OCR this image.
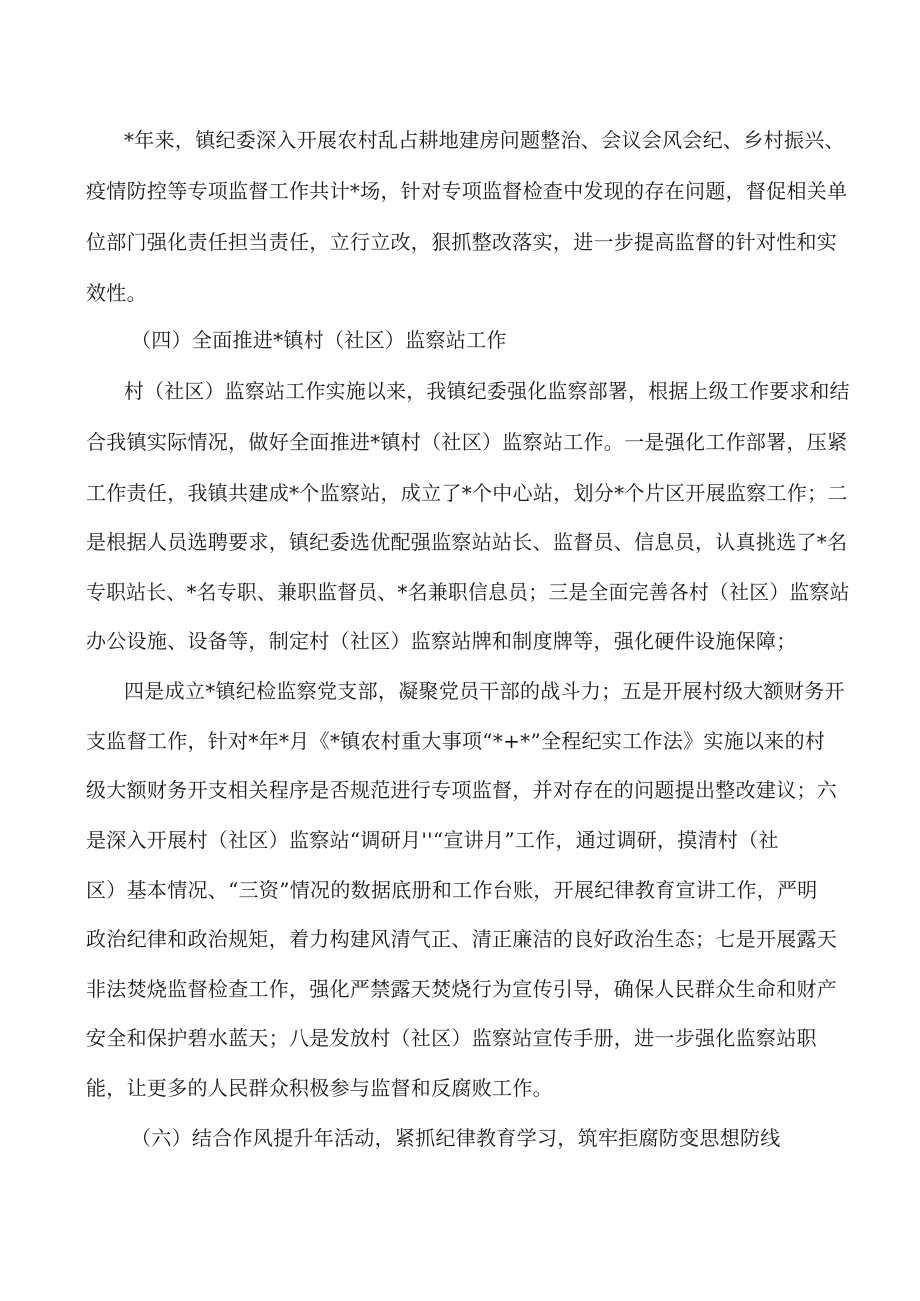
*年来，镇纪委深入开展农村乱占耕地建房问题整治、会议会风会纪、乡村振兴、
疫情防控等专项监督工作共计*场，针对专项监督检查中发现的存在问题，督促相关单
位部门强化责任担当责任，立行立改，狠抓整改落实，进一步提高监督的针对性和实
效性。
（四）全面推进*镇村（社区）监察站工作
村（社区）监察站工作实施以来，我镇纪委强化监察部署，根据上级工作要求和结
合我镇实际情况，做好全面推进*镇村（社区）监察站工作。一是强化工作部署，压紧
工作责任，我镇共建成*个监察站，成立了*个中心站，划分*个片区开展监察工作；二
是根据人员选聘要求，镇纪委选优配强监察站站长、监督员、信息员，认真挑选了*名
专职站长、*名专职、兼职监督员、*名兼职信息员；三是全面完善各村（社区）监察站
办公设施、设备等，制定村（社区）监察站牌和制度牌等，强化硬件设施保障；
四是成立*镇纪检监察党支部，凝聚党员干部的战斗力；五是开展村级大额财务开
支监督工作，针对*年*月《*镇农村重大事项“*+*”全程纪实工作法》实施以来的村
级大额财务开支相关程序是否规范进行专项监督，并对存在的问题提出整改建议；六
是深入开展村（社区）监察站“调研月''“宣讲月”工作，通过调研，摸清村（社
区）基本情况、“三资”情况的数据底册和工作台账，开展纪律教育宣讲工作，严明
政治纪律和政治规矩，着力构建风清气正、清正廉洁的良好政治生态；七是开展露天
非法焚烧监督检查工作，强化严禁露天焚烧行为宣传引导，确保人民群众生命和财产
安全和保护碧水蓝天；八是发放村（社区）监察站宣传手册，进一步强化监察站职
能，让更多的人民群众积极参与监督和反腐败工作。
（六）结合作风提升年活动，紧抓纪律教育学习，筑牢拒腐防变思想防线
